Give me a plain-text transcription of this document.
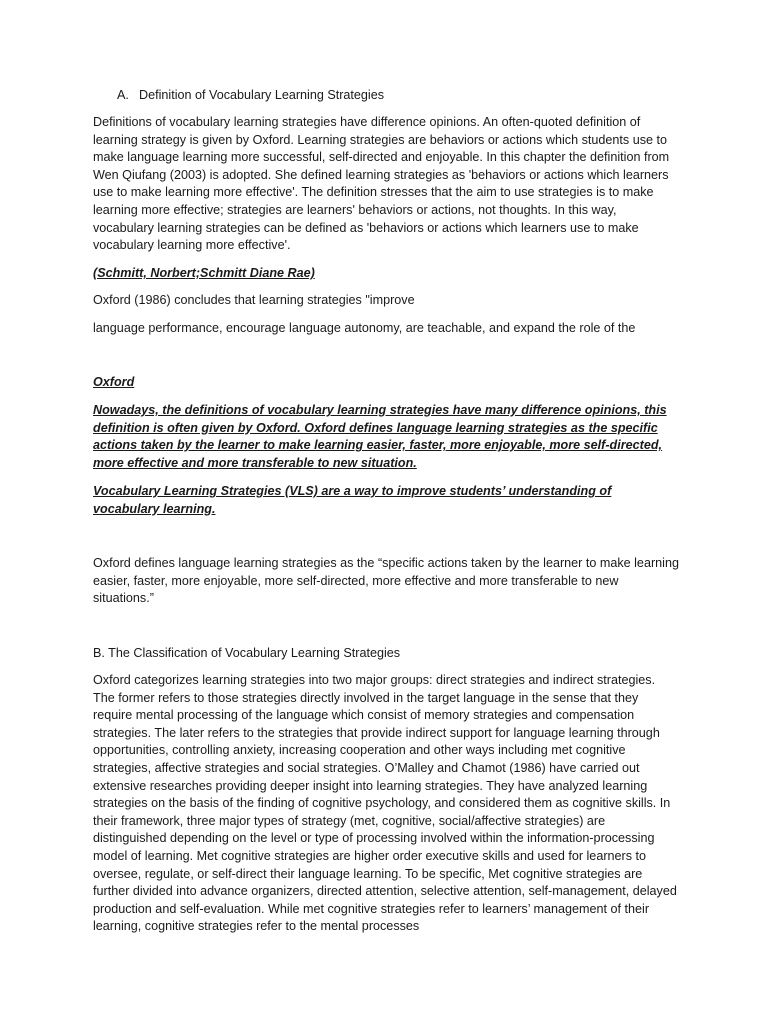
A. Definition of Vocabulary Learning Strategies

Definitions of vocabulary learning strategies have difference opinions. An often-quoted definition of learning strategy is given by Oxford. Learning strategies are behaviors or actions which students use to make language learning more successful, self-directed and enjoyable. In this chapter the definition from Wen Qiufang (2003) is adopted. She defined learning strategies as 'behaviors or actions which learners use to make learning more effective'. The definition stresses that the aim to use strategies is to make learning more effective; strategies are learners' behaviors or actions, not thoughts. In this way, vocabulary learning strategies can be defined as 'behaviors or actions which learners use to make vocabulary learning more effective'.

(Schmitt, Norbert;Schmitt Diane Rae)

Oxford (1986) concludes that learning strategies "improve

language performance, encourage language autonomy, are teachable, and expand the role of the

Oxford

Nowadays, the definitions of vocabulary learning strategies have many difference opinions, this definition is often given by Oxford. Oxford defines language learning strategies as the specific actions taken by the learner to make learning easier, faster, more enjoyable, more self-directed, more effective and more transferable to new situation.

Vocabulary Learning Strategies (VLS) are a way to improve students’ understanding of vocabulary learning.

Oxford defines language learning strategies as the “specific actions taken by the learner to make learning easier, faster, more enjoyable, more self-directed, more effective and more transferable to new situations.”

B. The Classification of Vocabulary Learning Strategies

Oxford categorizes learning strategies into two major groups: direct strategies and indirect strategies. The former refers to those strategies directly involved in the target language in the sense that they require mental processing of the language which consist of memory strategies and compensation strategies. The later refers to the strategies that provide indirect support for language learning through opportunities, controlling anxiety, increasing cooperation and other ways including met cognitive strategies, affective strategies and social strategies. O’Malley and Chamot (1986) have carried out extensive researches providing deeper insight into learning strategies. They have analyzed learning strategies on the basis of the finding of cognitive psychology, and considered them as cognitive skills. In their framework, three major types of strategy (met, cognitive, social/affective strategies) are distinguished depending on the level or type of processing involved within the information-processing model of learning. Met cognitive strategies are higher order executive skills and used for learners to oversee, regulate, or self-direct their language learning. To be specific, Met cognitive strategies are further divided into advance organizers, directed attention, selective attention, self-management, delayed production and self-evaluation. While met cognitive strategies refer to learners’ management of their learning, cognitive strategies refer to the mental processes
